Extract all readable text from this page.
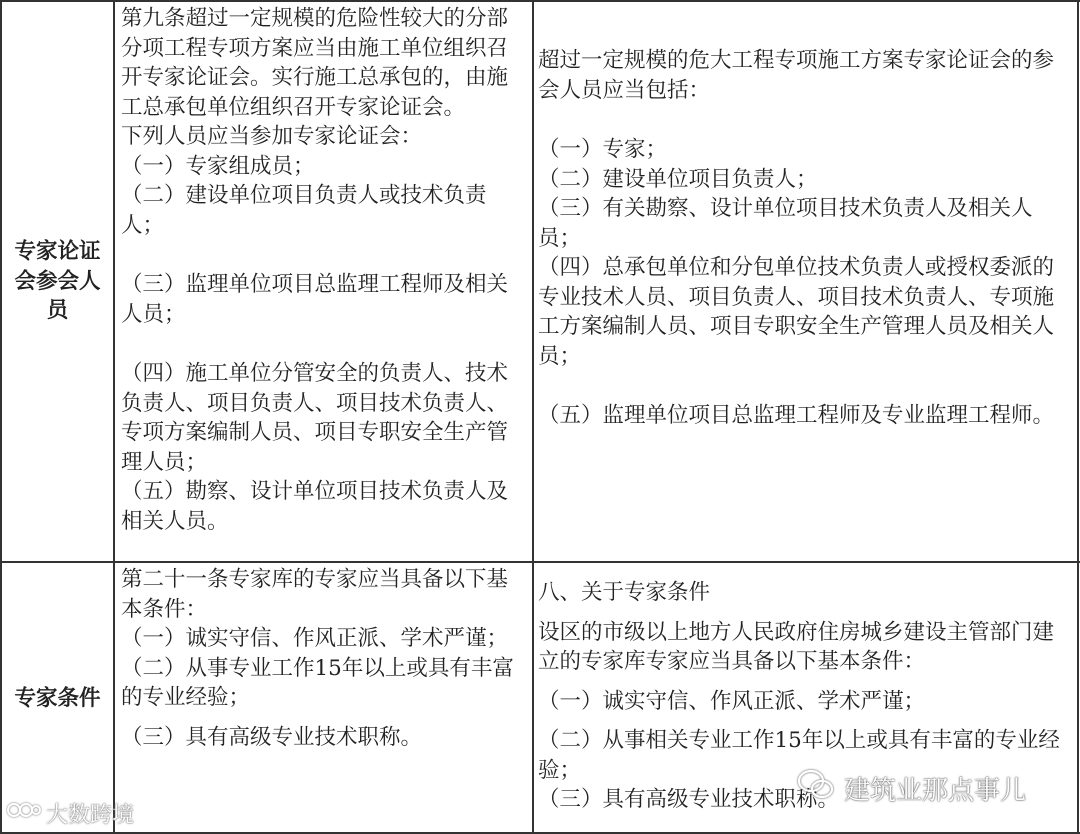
专家论证会参会人员

第九条超过一定规模的危险性较大的分部分项工程专项方案应当由施工单位组织召开专家论证会。实行施工总承包的，由施工总承包单位组织召开专家论证会。

下列人员应当参加专家论证会：

（一）专家组成员；

（二）建设单位项目负责人或技术负责人；

（三）监理单位项目总监理工程师及相关人员；

（四）施工单位分管安全的负责人、技术负责人、项目负责人、项目技术负责人、专项方案编制人员、项目专职安全生产管理人员；

（五）勘察、设计单位项目技术负责人及相关人员。

超过一定规模的危大工程专项施工方案专家论证会的参会人员应当包括：

（一）专家；

（二）建设单位项目负责人；

（三）有关勘察、设计单位项目技术负责人及相关人员；

（四）总承包单位和分包单位技术负责人或授权委派的专业技术人员、项目负责人、项目技术负责人、专项施工方案编制人员、项目专职安全生产管理人员及相关人员；

（五）监理单位项目总监理工程师及专业监理工程师。

专家条件

第二十一条专家库的专家应当具备以下基本条件：

（一）诚实守信、作风正派、学术严谨；

（二）从事专业工作15年以上或具有丰富的专业经验；

（三）具有高级专业技术职称。

八、关于专家条件

设区的市级以上地方人民政府住房城乡建设主管部门建立的专家库专家应当具备以下基本条件：

（一）诚实守信、作风正派、学术严谨；

（二）从事相关专业工作15年以上或具有丰富的专业经验；

（三）具有高级专业技术职称。

大数跨境
建筑业那点事儿
